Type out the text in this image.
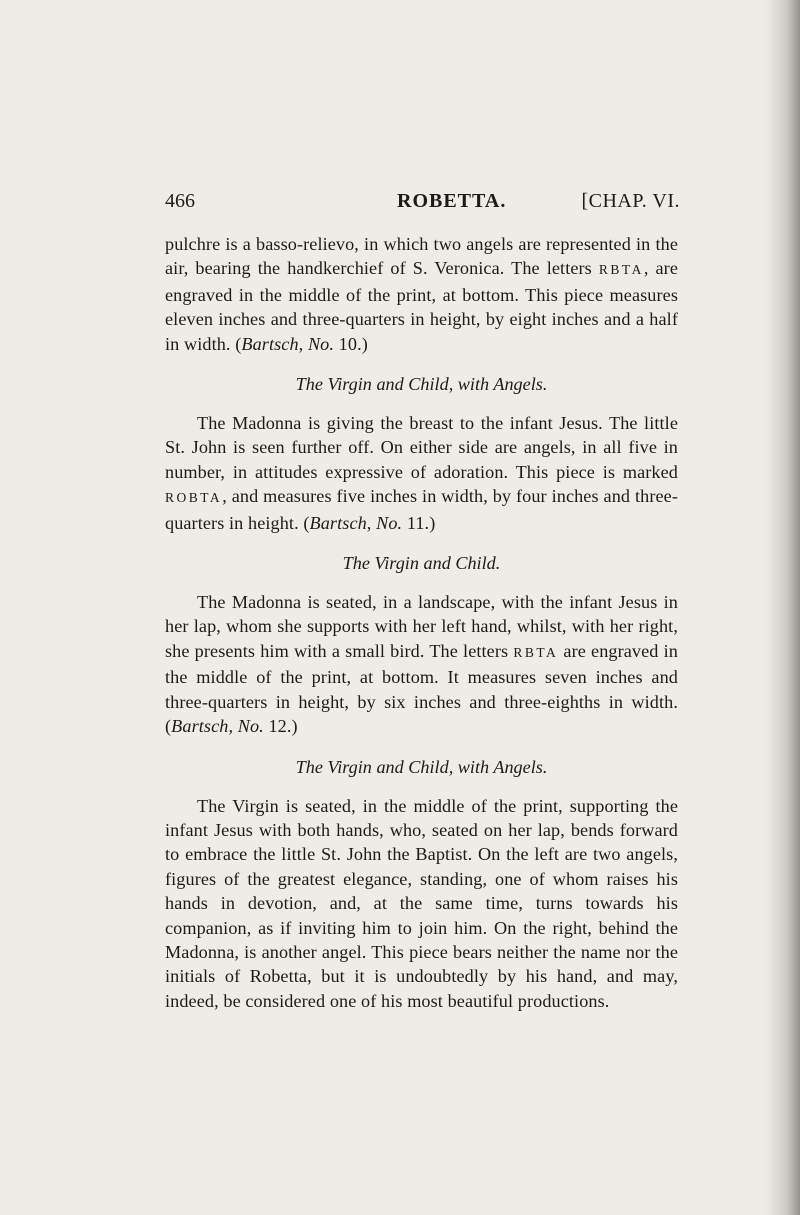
466	ROBETTA.	[CHAP. VI.

pulchre is a basso-relievo, in which two angels are represented in the air, bearing the handkerchief of S. Veronica. The letters RBTA, are engraved in the middle of the print, at bottom. This piece measures eleven inches and three-quarters in height, by eight inches and a half in width. (Bartsch, No. 10.)

The Virgin and Child, with Angels.

The Madonna is giving the breast to the infant Jesus. The little St. John is seen further off. On either side are angels, in all five in number, in attitudes expressive of adoration. This piece is marked ROBTA, and measures five inches in width, by four inches and three-quarters in height. (Bartsch, No. 11.)

The Virgin and Child.

The Madonna is seated, in a landscape, with the infant Jesus in her lap, whom she supports with her left hand, whilst, with her right, she presents him with a small bird. The letters RBTA are engraved in the middle of the print, at bottom. It measures seven inches and three-quarters in height, by six inches and three-eighths in width. (Bartsch, No. 12.)

The Virgin and Child, with Angels.

The Virgin is seated, in the middle of the print, supporting the infant Jesus with both hands, who, seated on her lap, bends forward to embrace the little St. John the Baptist. On the left are two angels, figures of the greatest elegance, standing, one of whom raises his hands in devotion, and, at the same time, turns towards his companion, as if inviting him to join him. On the right, behind the Madonna, is another angel. This piece bears neither the name nor the initials of Robetta, but it is undoubtedly by his hand, and may, indeed, be considered one of his most beautiful productions.
